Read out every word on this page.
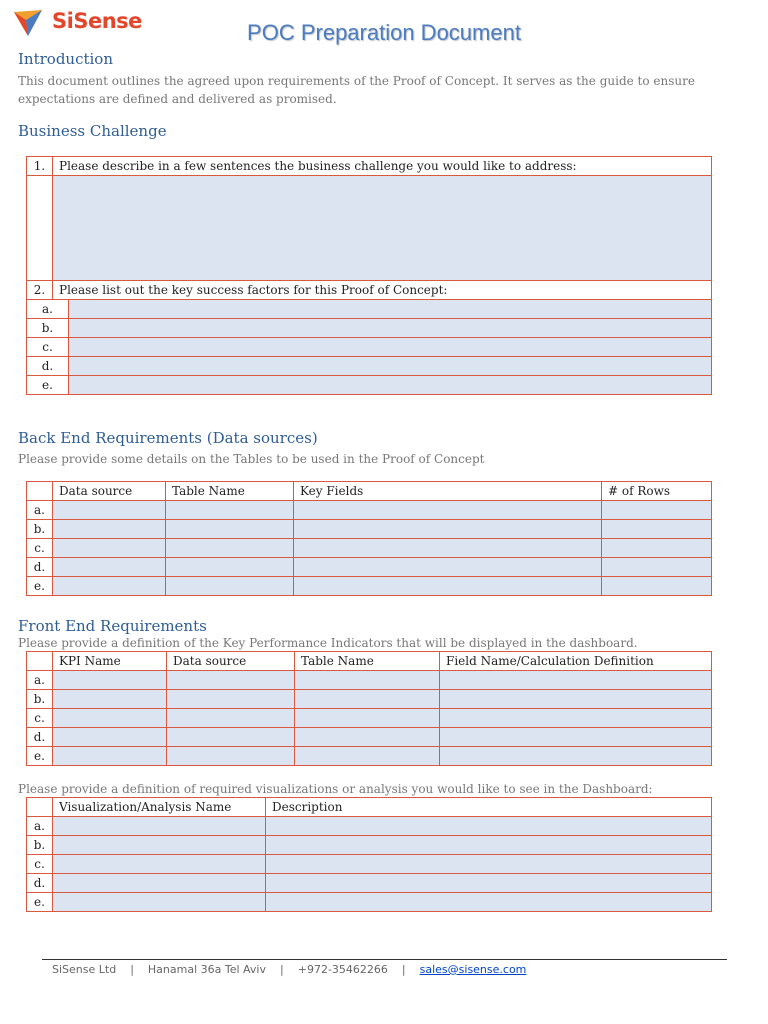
SiSense	POC Preparation Document
Introduction
This document outlines the agreed upon requirements of the Proof of Concept. It serves as the guide to ensure
expectations are defined and delivered as promised.
Business Challenge
1.	Please describe in a few sentences the business challenge you would like to address:	

2.	Please list out the key success factors for this Proof of Concept:	
a.		
b.		
c.		
d.		
e.		
Back End Requirements (Data sources)
Please provide some details on the Tables to be used in the Proof of Concept
	Data source	Table Name	Key Fields	# of Rows
a.				
b.				
c.				
d.				
e.				
Front End Requirements
Please provide a definition of the Key Performance Indicators that will be displayed in the dashboard.
	KPI Name	Data source	Table Name	Field Name/Calculation Definition
a.				
b.				
c.				
d.				
e.				
Please provide a definition of required visualizations or analysis you would like to see in the Dashboard:
	Visualization/Analysis Name	Description
a.		
b.		
c.		
d.		
e.		
SiSense Ltd | Hanamal 36a Tel Aviv | +972-35462266 | sales@sisense.com
